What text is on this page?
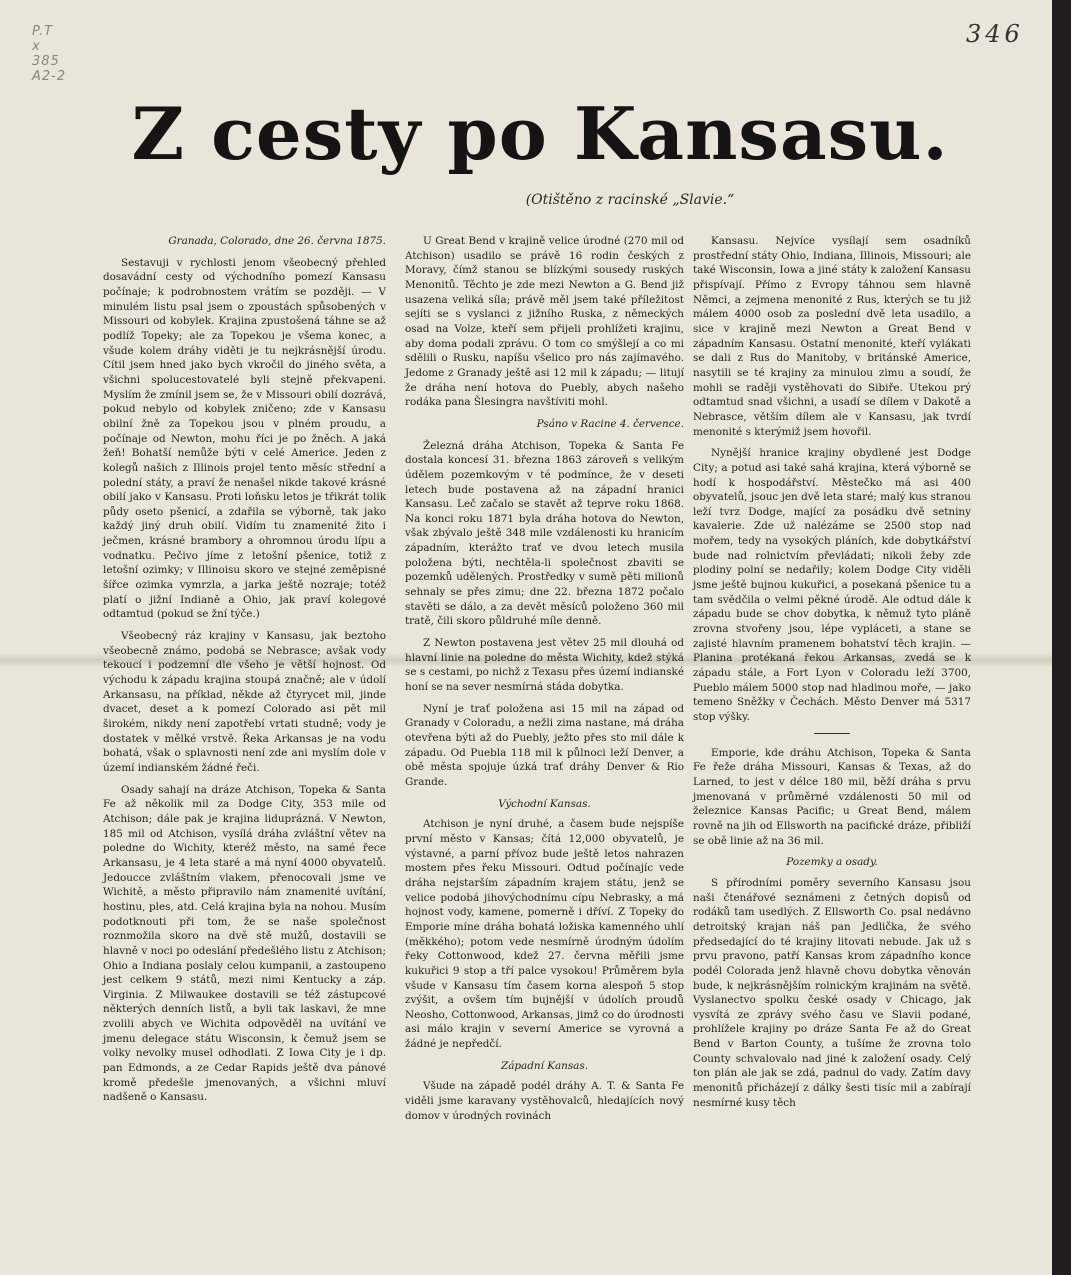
P.T
x
385
A2-2
346
Z cesty po Kansasu.
(Otištěno z racinské „Slavie.“

Granada, Colorado, dne 26. června 1875.

Sestavuji v rychlosti jenom všeobecný přehled dosavádní cesty od východního pomezí Kansasu počínaje; k podrobnostem vrátím se později. — V minulém listu psal jsem o zpoustách spůsobených v Missouri od kobylek. Krajina zpustošená táhne se až podlíž Topeky; ale za Topekou je všema konec, a všude kolem dráhy viděti je tu nejkrásnější úrodu. Cítil jsem hned jako bych vkročil do jiného světa, a všichni spolucestovatelé byli stejně překvapeni. Myslím že zmínil jsem se, že v Missouri obilí dozrává, pokud nebylo od kobylek zničeno; zde v Kansasu obilní žně za Topekou jsou v plném proudu, a počínaje od Newton, mohu říci je po žněch. A jaká žeň! Bohatší nemůže býti v celé Americe. Jeden z kolegů našich z Illinois projel tento měsíc střední a polední státy, a praví že nenašel nikde takové krásné obilí jako v Kansasu. Proti loňsku letos je třikrát tolik půdy oseto pšenicí, a zdařila se výborně, tak jako každý jiný druh obilí. Vidím tu znamenité žito i ječmen, krásné brambory a ohromnou úrodu lípu a vodnatku. Pečivo jíme z letošní pšenice, totiž z letošní ozimky; v Illinoisu skoro ve stejné zeměpisné šířce ozimka vymrzla, a jarka ještě nozraje; totéž platí o jižní Indianě a Ohio, jak praví kolegové odtamtud (pokud se žní týče.)

Všeobecný ráz krajiny v Kansasu, jak beztoho všeobecně známo, podobá se Nebrasce; avšak vody tekoucí i podzemní dle všeho je větší hojnost. Od východu k západu krajina stoupá značně; ale v údolí Arkansasu, na příklad, někde až čtyrycet mil, jinde dvacet, deset a k pomezí Colorado asi pět mil širokém, nikdy není zapotřebí vrtati studně; vody je dostatek v mělké vrstvě. Řeka Arkansas je na vodu bohatá, však o splavnosti není zde ani myslím dole v území indianském žádné řeči.

Osady sahají na dráze Atchison, Topeka & Santa Fe až několik mil za Dodge City, 353 mile od Atchison; dále pak je krajina liduprázná. V Newton, 185 mil od Atchison, vysílá dráha zvláštní větev na poledne do Wichity, kteréž město, na samé řece Arkansasu, je 4 leta staré a má nyní 4000 obyvatelů. Jedoucce zvláštním vlakem, přenocovali jsme ve Wichitě, a město připravilo nám znamenité uvítání, hostinu, ples, atd. Celá krajina byla na nohou. Musím podotknouti při tom, že se naše společnost roznmožila skoro na dvě stě mužů, dostavili se hlavně v noci po odeslání předešlého listu z Atchison; Ohio a Indiana poslaly celou kumpanii, a zastoupeno jest celkem 9 států, mezi nimi Kentucky a záp. Virginia. Z Milwaukee dostavili se též zástupcové některých denních listů, a byli tak laskavi, že mne zvolili abych ve Wichita odpověděl na uvítání ve jmenu delegace státu Wisconsin, k čemuž jsem se volky nevolky musel odhodlati. Z Iowa City je i dp. pan Edmonds, a ze Cedar Rapids ještě dva pánové kromě předešle jmenovaných, a všichni mluví nadšeně o Kansasu.

U Great Bend v krajině velice úrodné (270 mil od Atchison) usadilo se právě 16 rodin českých z Moravy, čímž stanou se blízkými sousedy ruských Menonitů. Těchto je zde mezi Newton a G. Bend již usazena veliká síla; právě měl jsem také příležitost sejíti se s vyslanci z jižního Ruska, z německých osad na Volze, kteří sem přijeli prohlížeti krajinu, aby doma podali zprávu. O tom co smýšlejí a co mi sdělili o Rusku, napíšu všelico pro nás zajímavého. Jedome z Granady ještě asi 12 mil k západu; — litují že dráha není hotova do Puebly, abych našeho rodáka pana Šlesingra navštíviti mohl.

Psáno v Racine 4. července.

Železná dráha Atchison, Topeka & Santa Fe dostala koncesí 31. března 1863 zároveň s velikým údělem pozemkovým v té podmínce, že v deseti letech bude postavena až na západní hranici Kansasu. Leč začalo se stavět až teprve roku 1868. Na konci roku 1871 byla dráha hotova do Newton, však zbývalo ještě 348 mile vzdálenosti ku hranicím západním, kterážto trať ve dvou letech musila položena býti, nechtěla-li společnost zbaviti se pozemků udělených. Prostředky v sumě pěti milionů sehnaly se přes zimu; dne 22. března 1872 počalo stavěti se dálo, a za devět měsíců položeno 360 mil tratě, čili skoro půldruhé míle denně.

Z Newton postavena jest větev 25 mil dlouhá od hlavní linie na poledne do města Wichity, kdež stýká se s cestami, po nichž z Texasu přes území indianské honí se na sever nesmírná stáda dobytka.

Nyní je trať položena asi 15 mil na západ od Granady v Coloradu, a nežli zima nastane, má dráha otevřena býti až do Puebly, ježto přes sto mil dále k západu. Od Puebla 118 mil k půlnoci leží Denver, a obě města spojuje úzká trať dráhy Denver & Rio Grande.

Východní Kansas.

Atchison je nyní druhé, a časem bude nejspíše první město v Kansas; čítá 12,000 obyvatelů, je výstavné, a parní přívoz bude ještě letos nahrazen mostem přes řeku Missouri. Odtud počínajíc vede dráha nejstarším západním krajem státu, jenž se velice podobá jihovýchodnímu cípu Nebrasky, a má hojnost vody, kamene, pomerně i dříví. Z Topeky do Emporie míne dráha bohatá ložiska kamenného uhlí (měkkého); potom vede nesmírně úrodným údolím řeky Cottonwood, kdež 27. června měřili jsme kukuřici 9 stop a tří palce vysokou! Průměrem byla všude v Kansasu tím časem korna alespoň 5 stop zvýšit, a ovšem tím bujnější v údolích proudů Neosho, Cottonwood, Arkansas, jimž co do úrodnosti asi málo krajin v severní Americe se vyrovná a žádné je nepředčí.

Západní Kansas.

Všude na západě podél dráhy A. T. & Santa Fe viděli jsme karavany vystěhovalců, hledajících nový domov v úrodných rovinách

Kansasu. Nejvíce vysílají sem osadníků prostřední státy Ohio, Indiana, Illinois, Missouri; ale také Wisconsin, Iowa a jiné státy k založení Kansasu přispívají. Přímo z Evropy táhnou sem hlavně Němci, a zejmena menonité z Rus, kterých se tu již málem 4000 osob za poslední dvě leta usadilo, a sice v krajině mezi Newton a Great Bend v západním Kansasu. Ostatní menonité, kteří vylákati se dali z Rus do Manitoby, v británské Americe, nasytili se té krajiny za minulou zimu a soudí, že mohli se raději vystěhovati do Sibiře. Utekou prý odtamtud snad všichni, a usadí se dílem v Dakotě a Nebrasce, větším dílem ale v Kansasu, jak tvrdí menonité s kterýmiž jsem hovořil.

Nynější hranice krajiny obydlené jest Dodge City; a potud asi také sahá krajina, která výborně se hodí k hospodářství. Městečko má asi 400 obyvatelů, jsouc jen dvě leta staré; malý kus stranou leží tvrz Dodge, mající za posádku dvě setniny kavalerie. Zde už nalézáme se 2500 stop nad mořem, tedy na vysokých pláních, kde dobytkářství bude nad rolnictvím převládati; nikoli žeby zde plodiny polní se nedařily; kolem Dodge City viděli jsme ještě bujnou kukuřici, a posekaná pšenice tu a tam svědčila o velmi pěkné úrodě. Ale odtud dále k západu bude se chov dobytka, k němuž tyto pláně zrovna stvořeny jsou, lépe vypláceti, a stane se zajisté hlavním pramenem bohatství těch krajin. — Planina protékaná řekou Arkansas, zvedá se k západu stále, a Fort Lyon v Coloradu leží 3700, Pueblo málem 5000 stop nad hladinou moře, — jako temeno Sněžky v Čechách. Město Denver má 5317 stop výšky.

Emporie, kde dráhu Atchison, Topeka & Santa Fe řeže dráha Missouri, Kansas & Texas, až do Larned, to jest v délce 180 mil, běží dráha s prvu jmenovaná v průměrné vzdálenosti 50 mil od železnice Kansas Pacific; u Great Bend, málem rovně na jih od Ellsworth na pacifické dráze, přibliží se obě linie až na 36 mil.

Pozemky a osady.

S přírodními poměry severního Kansasu jsou naši čtenářové seznámeni z četných dopisů od rodáků tam usedlých. Z Ellsworth Co. psal nedávno detroitský krajan náš pan Jedlička, že svého předsedající do té krajiny litovati nebude. Jak už s prvu pravono, patří Kansas krom západního konce podél Colorada jenž hlavně chovu dobytka věnován bude, k nejkrásnějším rolnickým krajinám na světě. Vyslanectvo spolku české osady v Chicago, jak vysvítá ze zprávy svého času ve Slavii podané, prohlížele krajiny po dráze Santa Fe až do Great Bend v Barton County, a tušíme že zrovna tolo County schvalovalo nad jiné k založení osady. Celý ton plán ale jak se zdá, padnul do vady. Zatím davy menonitů přicházejí z dálky šesti tisíc mil a zabírají nesmírné kusy těch
